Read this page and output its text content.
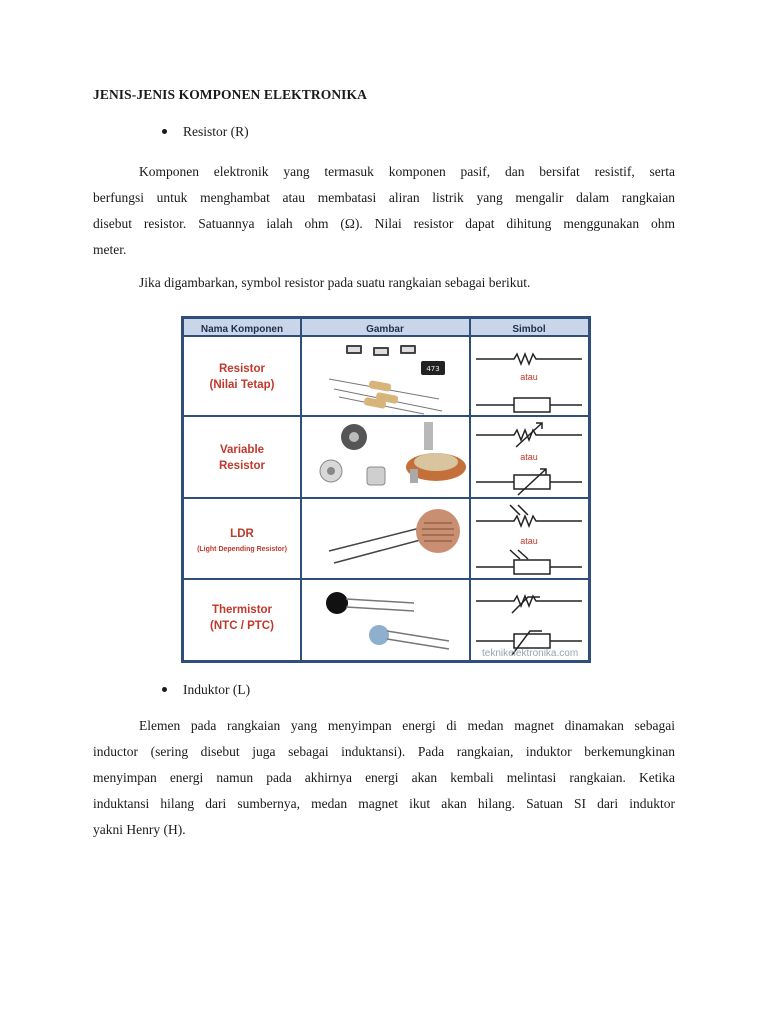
JENIS-JENIS KOMPONEN ELEKTRONIKA
Resistor (R)

Komponen elektronik yang termasuk komponen pasif, dan bersifat resistif, serta
berfungsi untuk menghambat atau membatasi aliran listrik yang mengalir dalam rangkaian
disebut resistor. Satuannya ialah ohm (Ω). Nilai resistor dapat dihitung menggunakan ohm
meter.

Jika digambarkan, symbol resistor pada suatu rangkaian sebagai berikut.

Nama Komponen	Gambar	Simbol
Resistor
(Nilai Tetap)
Variable
Resistor
LDR
(Light Depending Resistor)
Thermistor
(NTC / PTC)
473
atau
atau
atau
teknikelektronika.com
Induktor (L)

Elemen pada rangkaian yang menyimpan energi di medan magnet dinamakan sebagai
inductor (sering disebut juga sebagai induktansi). Pada rangkaian, induktor berkemungkinan
menyimpan energi namun pada akhirnya energi akan kembali melintasi rangkaian. Ketika
induktansi hilang dari sumbernya, medan magnet ikut akan hilang. Satuan SI dari induktor
yakni Henry (H).
